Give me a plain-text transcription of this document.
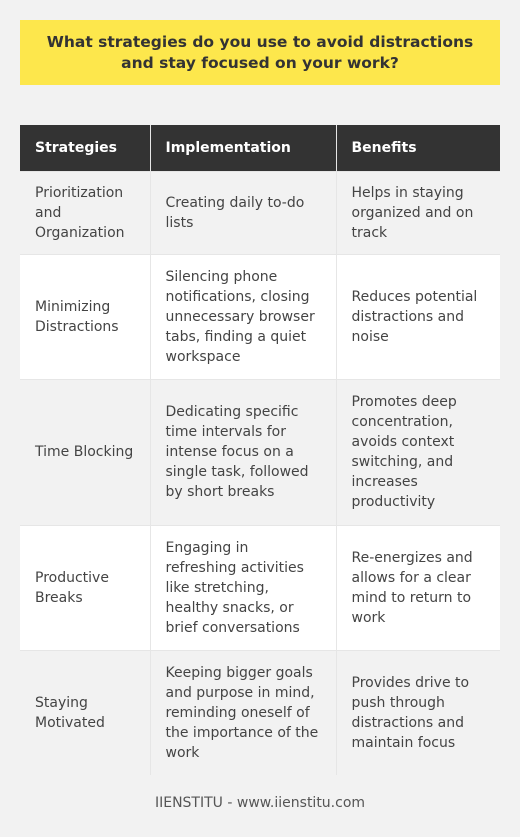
What strategies do you use to avoid distractions and stay focused on your work?
Strategies	Implementation	Benefits
Prioritization and Organization	Creating daily to-do lists	Helps in staying organized and on track
Minimizing Distractions	Silencing phone notifications, closing unnecessary browser tabs, finding a quiet workspace	Reduces potential distractions and noise
Time Blocking	Dedicating specific time intervals for intense focus on a single task, followed by short breaks	Promotes deep concentration, avoids context switching, and increases productivity
Productive Breaks	Engaging in refreshing activities like stretching, healthy snacks, or brief conversations	Re-energizes and allows for a clear mind to return to work
Staying Motivated	Keeping bigger goals and purpose in mind, reminding oneself of the importance of the work	Provides drive to push through distractions and maintain focus
IIENSTITU - www.iienstitu.com
